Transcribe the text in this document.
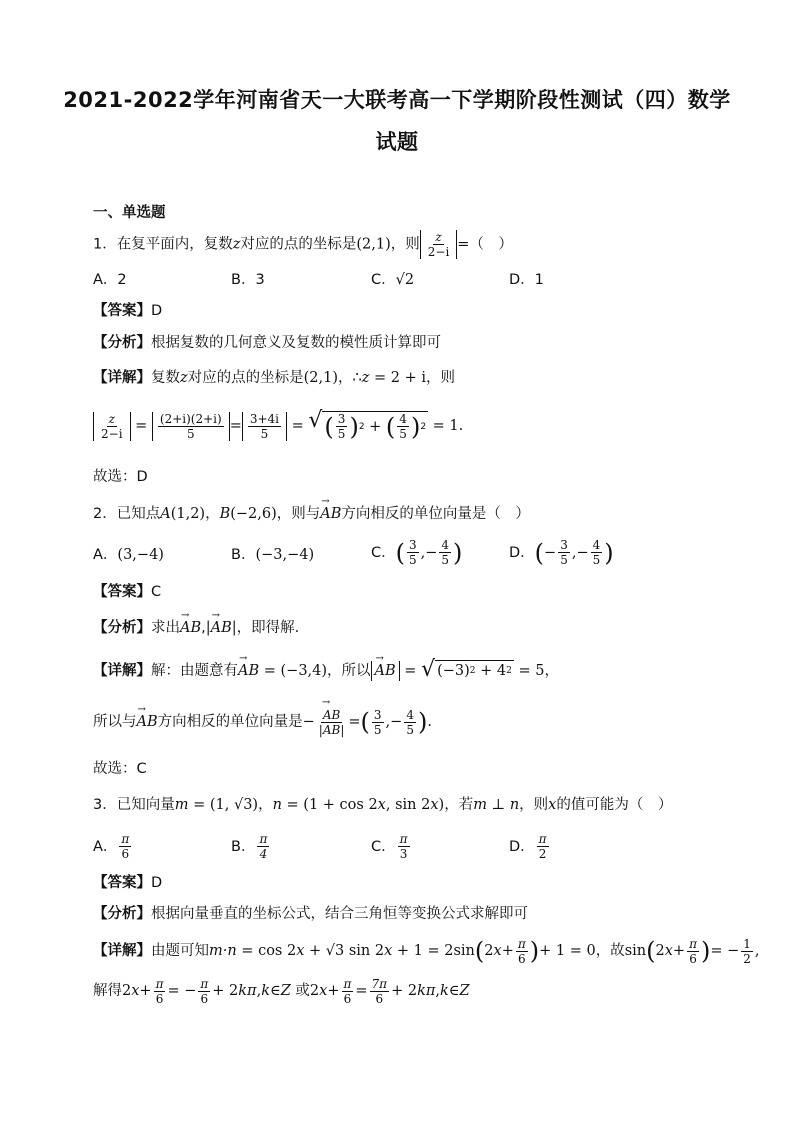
2021-2022学年河南省天一大联考高一下学期阶段性测试（四）数学
试题
一、单选题
1．在复平面内，复数z对应的点的坐标是(2,1)，则 $\frac{z}{2-i}$ =（　）
A．2	B．3	C．√2	D．1
【答案】D
【分析】根据复数的几何意义及复数的模性质计算即可
【详解】复数z对应的点的坐标是(2,1)，∴z = 2 + i，则
$\frac{z}{2-i} = \frac{(2+i)(2+i)}{5} = \frac{3+4i}{5}$ = √ ( $\frac{3}{5}$ ) 2 + ( $\frac{4}{5}$ ) 2 = 1.
故选：D
2．已知点A(1,2)，B(−2,6)，则与→ AB方向相反的单位向量是（　）
A．(3,−4)	B．(−3,−4)	C． ( $\frac{3}{5}$ ,− $\frac{4}{5}$ )	D． ( − $\frac{3}{5}$ ,− $\frac{4}{5}$ )
【答案】C
【分析】求出→ AB,|→ AB|，即得解.
【详解】 解：由题意有 → AB = (−3,4) ，所以 → AB = √ (−3) 2 + 4 2 = 5 ，
所以与 → AB 方向相反的单位向量是 − → $\frac{AB}{|AB|}$ = ( $\frac{3}{5}$ ,− $\frac{4}{5}$ ) .
故选：C
3．已知向量m = (1, √3)，n = (1 + cos 2x, sin 2x)，若m ⊥ n，则x的值可能为（　）
A． $\frac{\pi}{6}$	B． $\frac{\pi}{4}$	C． $\frac{\pi}{3}$	D． $\frac{\pi}{2}$
【答案】D
【分析】根据向量垂直的坐标公式，结合三角恒等变换公式求解即可
【详解】 由题可知 m·n = cos 2 x + √3 sin 2 x + 1 = 2sin ( 2 $x + \frac{\pi}{6}$ ) + 1 = 0 ，故 sin ( 2 $x + \frac{\pi}{6}$ ) = − $\frac{1}{2}$ ,
解得 2 $x + \frac{\pi}{6}$ = − $\frac{\pi}{6} + 2$ kπ , k ∈ Z
或 2 $x + \frac{\pi}{6} = \frac{7\pi}{6} + 2$ kπ , k ∈ Z
